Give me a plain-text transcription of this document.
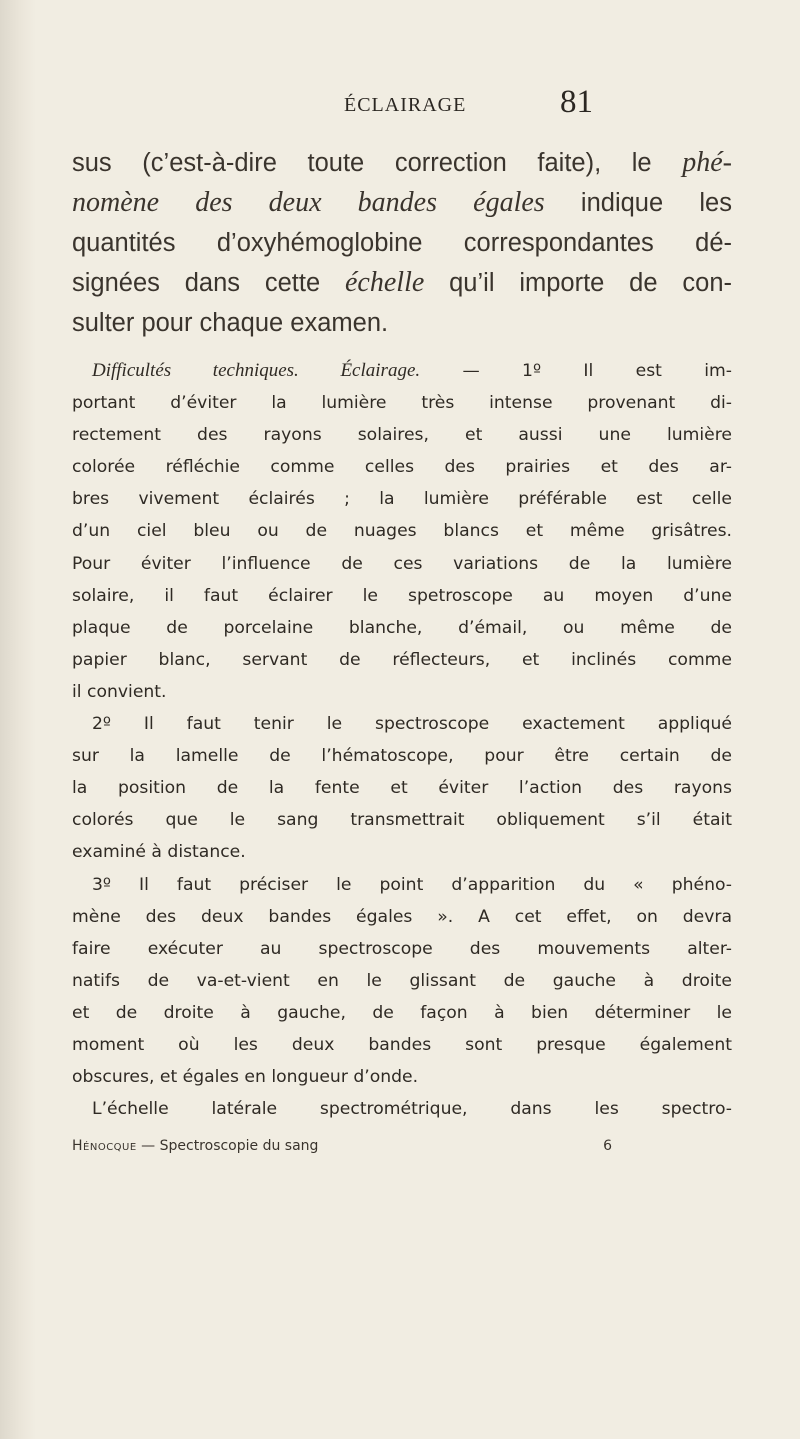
ÉCLAIRAGE	81

sus (c’est-à-dire toute correction faite), le phé-
nomène des deux bandes égales indique les
quantités d’oxyhémoglobine correspondantes dé-
signées dans cette échelle qu’il importe de con-
sulter pour chaque examen.

Difficultés techniques. Éclairage. — 1º Il est im-
portant d’éviter la lumière très intense provenant di-
rectement des rayons solaires, et aussi une lumière
colorée réfléchie comme celles des prairies et des ar-
bres vivement éclairés ; la lumière préférable est celle
d’un ciel bleu ou de nuages blancs et même grisâtres.
Pour éviter l’influence de ces variations de la lumière
solaire, il faut éclairer le spetroscope au moyen d’une
plaque de porcelaine blanche, d’émail, ou même de
papier blanc, servant de réflecteurs, et inclinés comme
il convient.
2º Il faut tenir le spectroscope exactement appliqué
sur la lamelle de l’hématoscope, pour être certain de
la position de la fente et éviter l’action des rayons
colorés que le sang transmettrait obliquement s’il était
examiné à distance.
3º Il faut préciser le point d’apparition du « phéno-
mène des deux bandes égales ». A cet effet, on devra
faire exécuter au spectroscope des mouvements alter-
natifs de va-et-vient en le glissant de gauche à droite
et de droite à gauche, de façon à bien déterminer le
moment où les deux bandes sont presque également
obscures, et égales en longueur d’onde.
L’échelle latérale spectrométrique, dans les spectro-
Hénocque — Spectroscopie du sang	6
